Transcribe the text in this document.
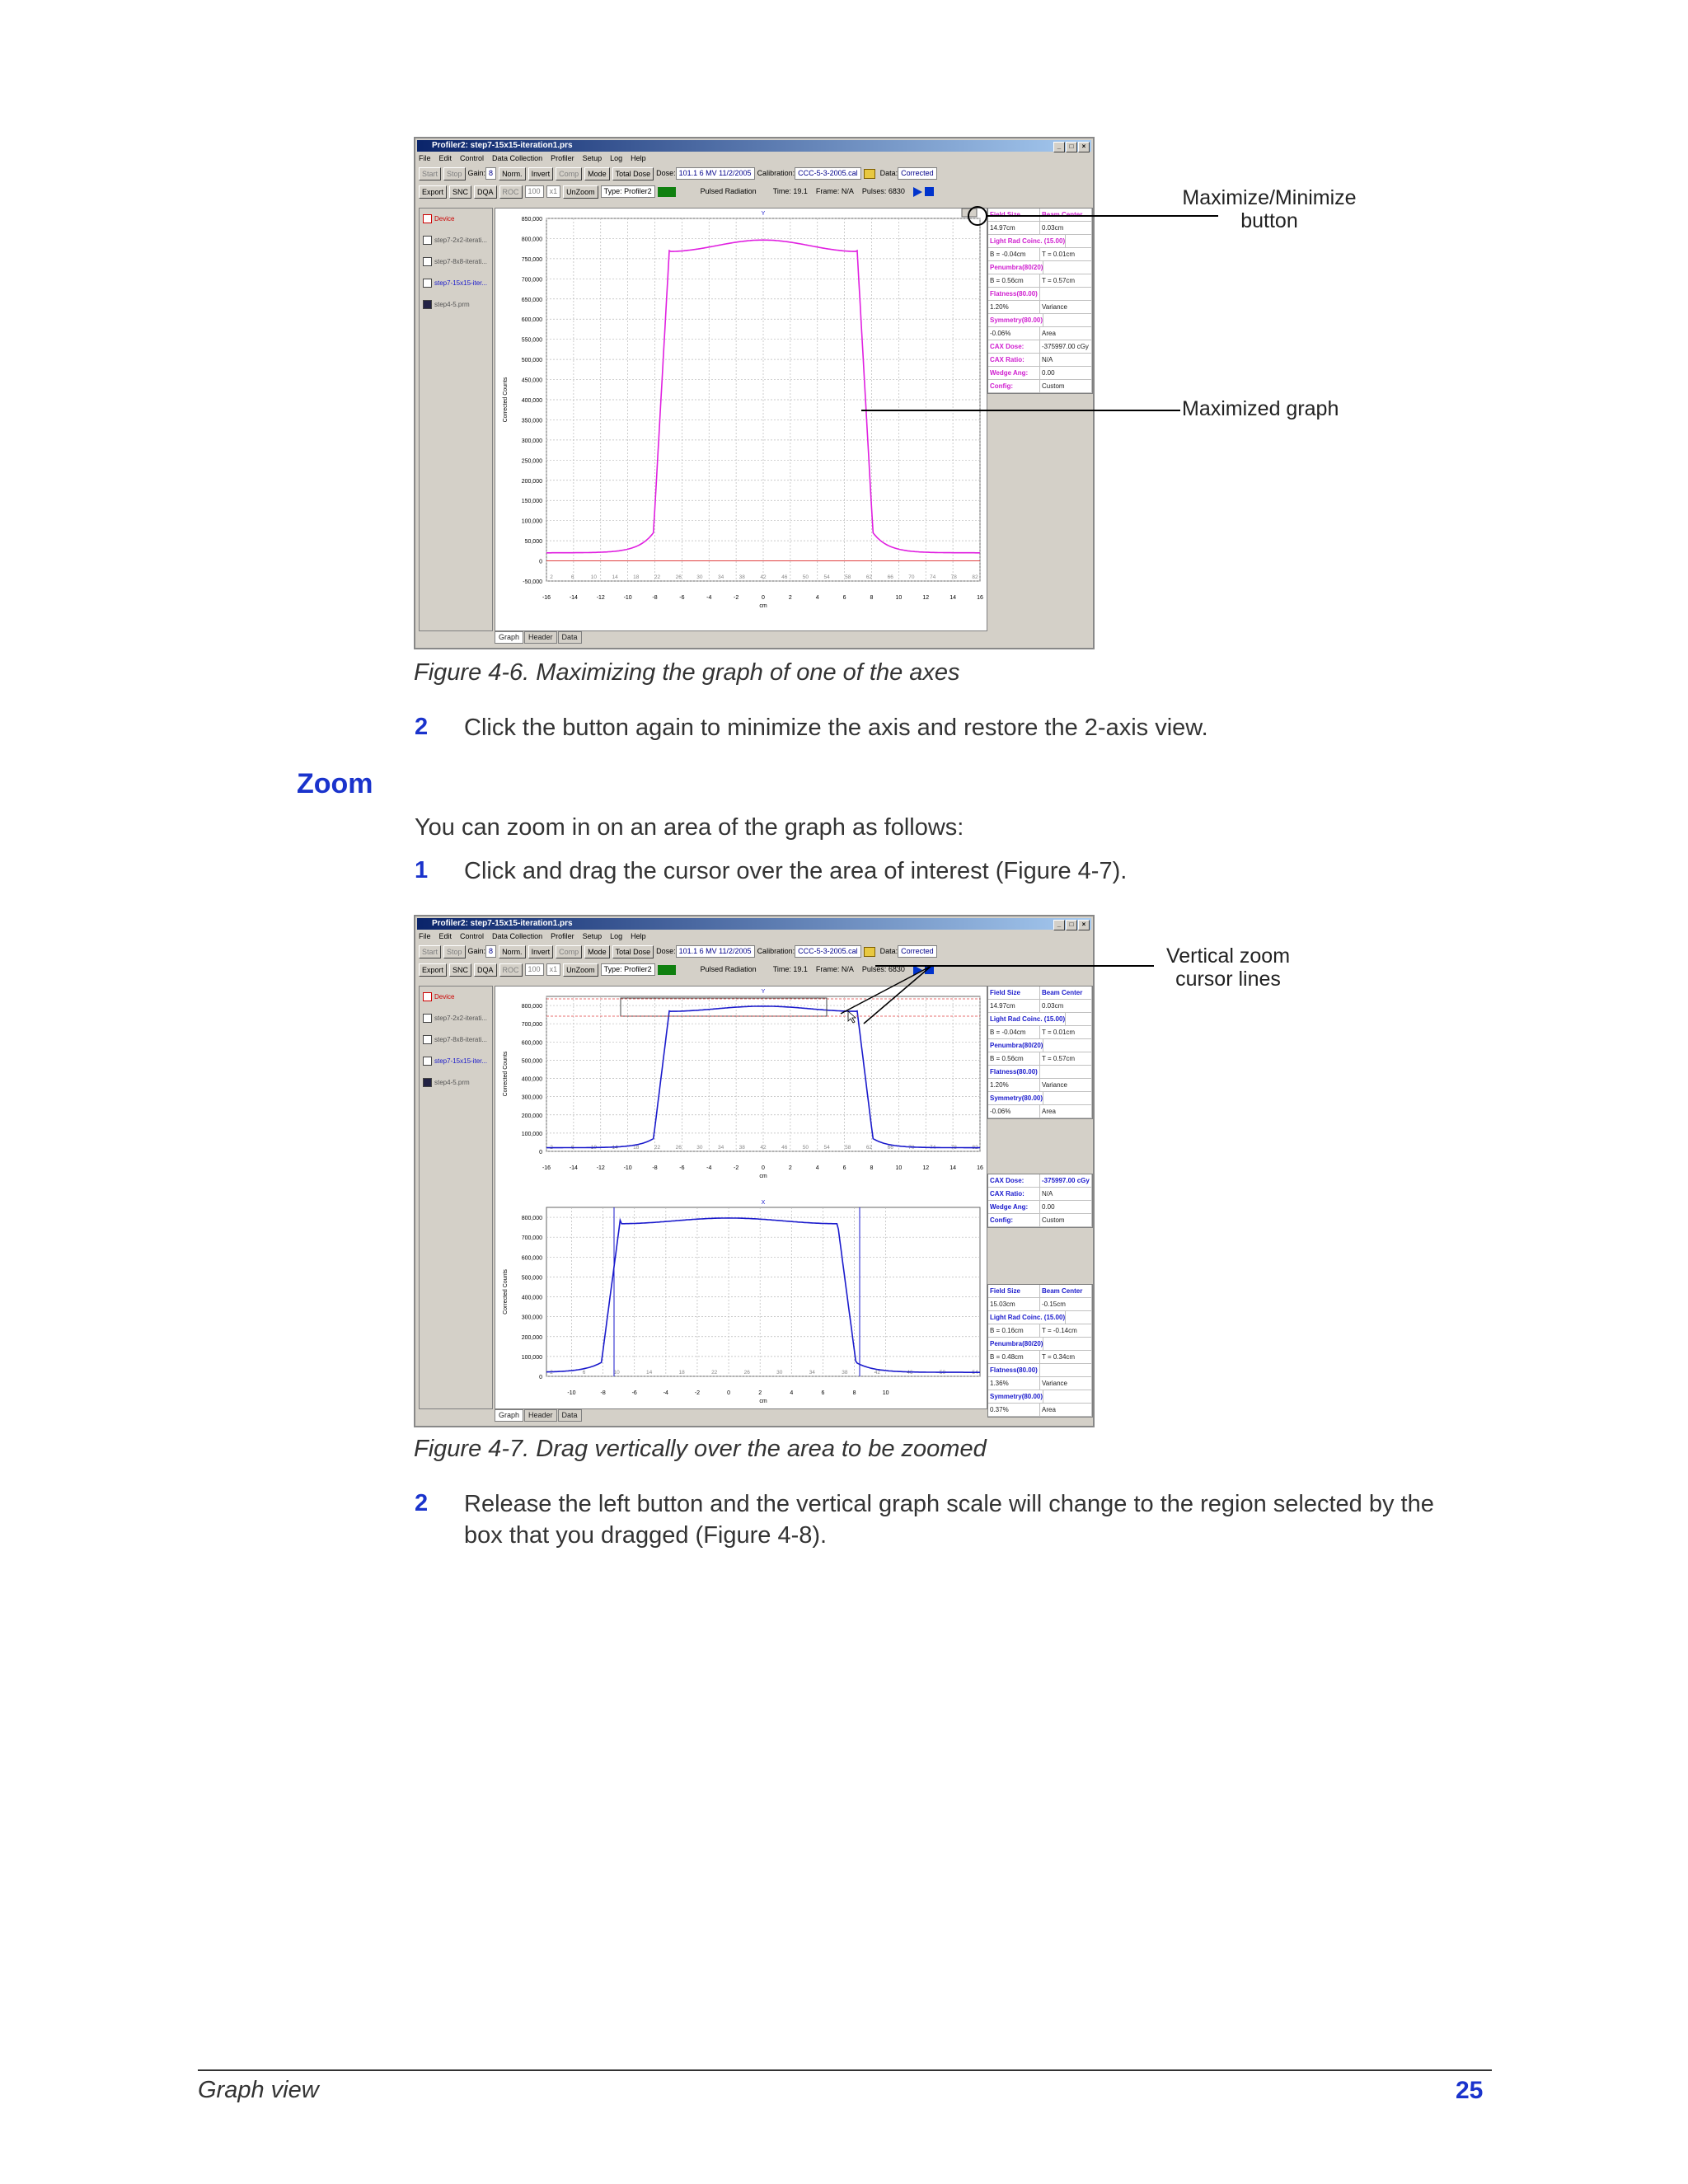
Profiler2: step7-15x15-iteration1.prs	_ □ ×
File Edit Control Data Collection Profiler Setup Log Help
Start Stop Gain: 8 Norm. Invert Comp Mode Total Dose Dose: 101.1 6 MV 11/2/2005 Calibration: CCC-5-3-2005.cal	Data: Corrected
Export SNC DQA ROC 100 x1 UnZoom Type: Profiler2	Pulsed Radiation Time: 19.1 Frame: N/A Pulses: 6830
Device
step7-2x2-iterati...
step7-8x8-iterati...
step7-15x15-iter...
step4-5.prm
850,000
800,000
750,000
700,000
650,000
600,000
550,000
500,000
450,000
400,000
350,000
300,000
250,000
200,000
150,000
100,000
50,000
0
-50,000
-16	-14	-12	-10	-8	-6	-4	-2	0	2	4	6	8	10	12	14	16
2	6	10	14	18	22	26	30	34	38	42	46	50	54	58	62	66	70	74	78	82
Y
cm
Corrected Counts
Field Size	Beam Center
14.97cm	0.03cm
Light Rad Coinc. (15.00)
B = -0.04cm	T = 0.01cm
Penumbra(80/20)
B = 0.56cm	T = 0.57cm
Flatness(80.00)
1.20%	Variance
Symmetry(80.00)
-0.06%	Area
CAX Dose:	-375997.00 cGy
CAX Ratio:	N/A
Wedge Ang:	0.00
Config:	Custom
Graph Header Data
Maximize/Minimize
button
Maximized graph
Figure 4-6. Maximizing the graph of one of the axes
2 Click the button again to minimize the axis and restore the 2-axis view.
Zoom
You can zoom in on an area of the graph as follows:
1 Click and drag the cursor over the area of interest (Figure 4-7).
Profiler2: step7-15x15-iteration1.prs	_ □ ×
File Edit Control Data Collection Profiler Setup Log Help
Start Stop Gain: 8 Norm. Invert Comp Mode Total Dose Dose: 101.1 6 MV 11/2/2005 Calibration: CCC-5-3-2005.cal	Data: Corrected
Export SNC DQA ROC 100 x1 UnZoom Type: Profiler2	Pulsed Radiation Time: 19.1 Frame: N/A Pulses: 6830
Device
step7-2x2-iterati...
step7-8x8-iterati...
step7-15x15-iter...
step4-5.prm
800,000
700,000
600,000
500,000
400,000
300,000
200,000
100,000
0
-16	-14	-12	-10	-8	-6	-4	-2	0	2	4	6	8	10	12	14	16
2	6	10	14	18	22	26	30	34	38	42	46	50	54	58	62	66	70	74	78	82
Y
cm
Corrected Counts
800,000
700,000
600,000
500,000
400,000
300,000
200,000
100,000
0
-10	-8	-6	-4	-2	0	2	4	6	8	10
2	6	10	14	18	22	26	30	34	38	42	46	50	54
X
cm
Corrected Counts
Field Size	Beam Center
14.97cm	0.03cm
Light Rad Coinc. (15.00)
B = -0.04cm	T = 0.01cm
Penumbra(80/20)
B = 0.56cm	T = 0.57cm
Flatness(80.00)
1.20%	Variance
Symmetry(80.00)
-0.06%	Area
CAX Dose:	-375997.00 cGy
CAX Ratio:	N/A
Wedge Ang:	0.00
Config:	Custom
Field Size	Beam Center
15.03cm	-0.15cm
Light Rad Coinc. (15.00)
B = 0.16cm	T = -0.14cm
Penumbra(80/20)
B = 0.48cm	T = 0.34cm
Flatness(80.00)
1.36%	Variance
Symmetry(80.00)
0.37%	Area
Graph Header Data
Vertical zoom
cursor lines
Figure 4-7. Drag vertically over the area to be zoomed
2 Release the left button and the vertical graph scale will change to the region selected by the
box that you dragged (Figure 4-8).
Graph view	25
